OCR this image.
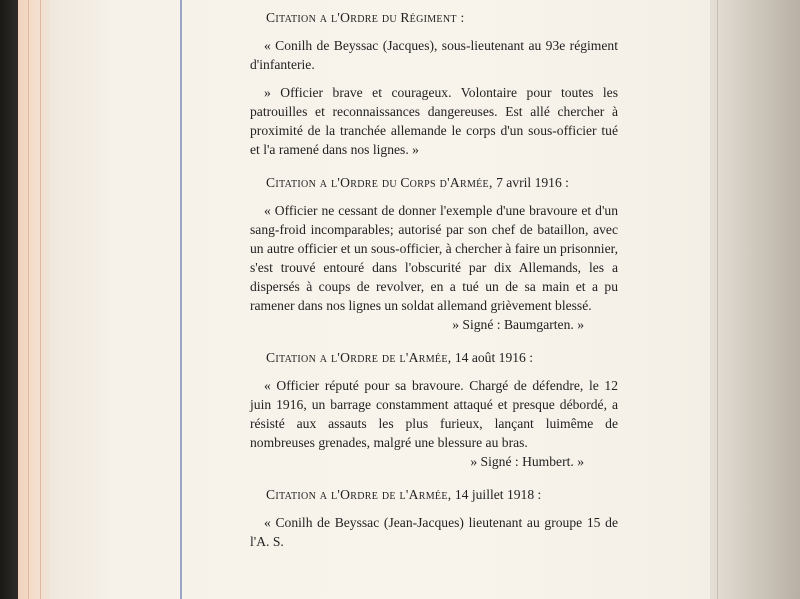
Citation a l'Ordre du Régiment :

« Conilh de Beyssac (Jacques), sous-lieutenant au 93e régiment d'infanterie.

» Officier brave et courageux. Volontaire pour toutes les patrouilles et reconnaissances dangereuses. Est allé chercher à proximité de la tranchée allemande le corps d'un sous-officier tué et l'a ramené dans nos lignes. »

Citation a l'Ordre du Corps d'Armée, 7 avril 1916 :

« Officier ne cessant de donner l'exemple d'une bravoure et d'un sang-froid incomparables; autorisé par son chef de bataillon, avec un autre officier et un sous-officier, à chercher à faire un prisonnier, s'est trouvé entouré dans l'obscurité par dix Allemands, les a dispersés à coups de revolver, en a tué un de sa main et a pu ramener dans nos lignes un soldat allemand grièvement blessé.

» Signé : Baumgarten. »

Citation a l'Ordre de l'Armée, 14 août 1916 :

« Officier réputé pour sa bravoure. Chargé de défendre, le 12 juin 1916, un barrage constamment attaqué et presque débordé, a résisté aux assauts les plus furieux, lançant luimême de nombreuses grenades, malgré une blessure au bras.

» Signé : Humbert. »

Citation a l'Ordre de l'Armée, 14 juillet 1918 :

« Conilh de Beyssac (Jean-Jacques) lieutenant au groupe 15 de l'A. S.
